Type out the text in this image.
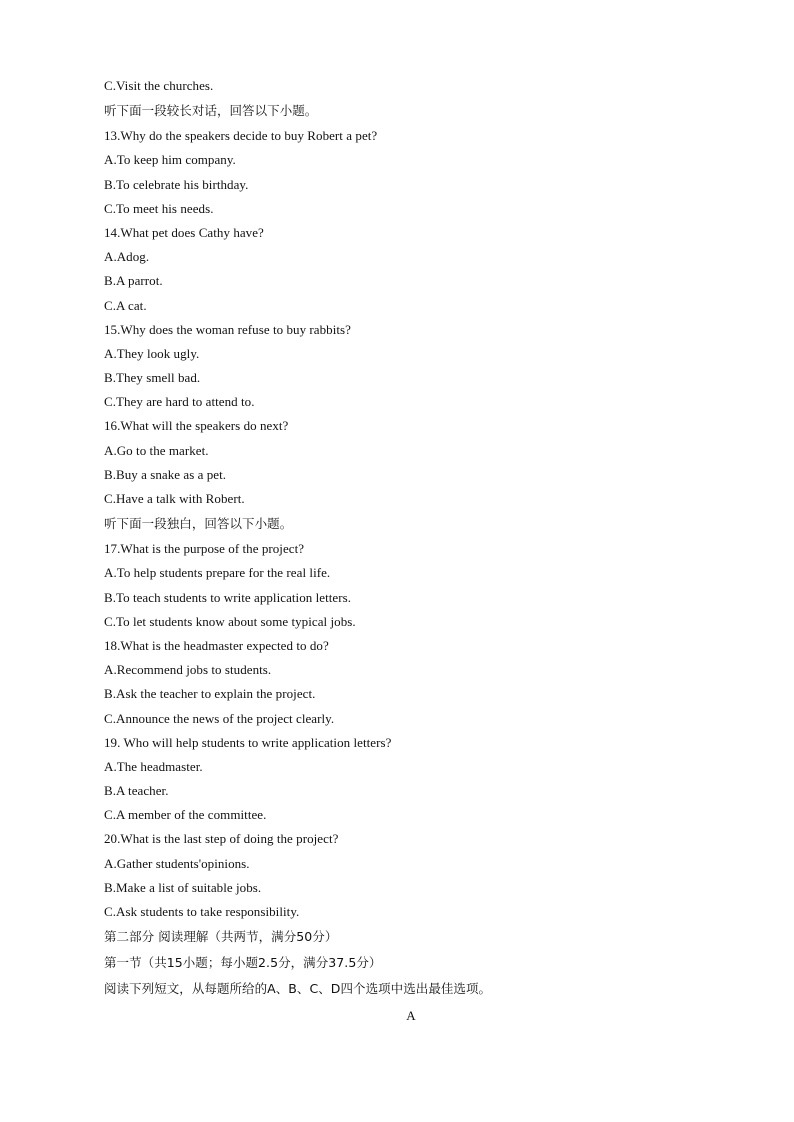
C.Visit the churches.
听下面一段较长对话，回答以下小题。
13.Why do the speakers decide to buy Robert a pet?
A.To keep him company.
B.To celebrate his birthday.
C.To meet his needs.
14.What pet does Cathy have?
A.Adog.
B.A parrot.
C.A cat.
15.Why does the woman refuse to buy rabbits?
A.They look ugly.
B.They smell bad.
C.They are hard to attend to.
16.What will the speakers do next?
A.Go to the market.
B.Buy a snake as a pet.
C.Have a talk with Robert.
听下面一段独白，回答以下小题。
17.What is the purpose of the project?
A.To help students prepare for the real life.
B.To teach students to write application letters.
C.To let students know about some typical jobs.
18.What is the headmaster expected to do?
A.Recommend jobs to students.
B.Ask the teacher to explain the project.
C.Announce the news of the project clearly.
19. Who will help students to write application letters?
A.The headmaster.
B.A teacher.
C.A member of the committee.
20.What is the last step of doing the project?
A.Gather students'opinions.
B.Make a list of suitable jobs.
C.Ask students to take responsibility.
第二部分 阅读理解（共两节，满分50分）
第一节（共15小题；每小题2.5分，满分37.5分）
阅读下列短文，从每题所给的A、B、C、D四个选项中选出最佳选项。
A
